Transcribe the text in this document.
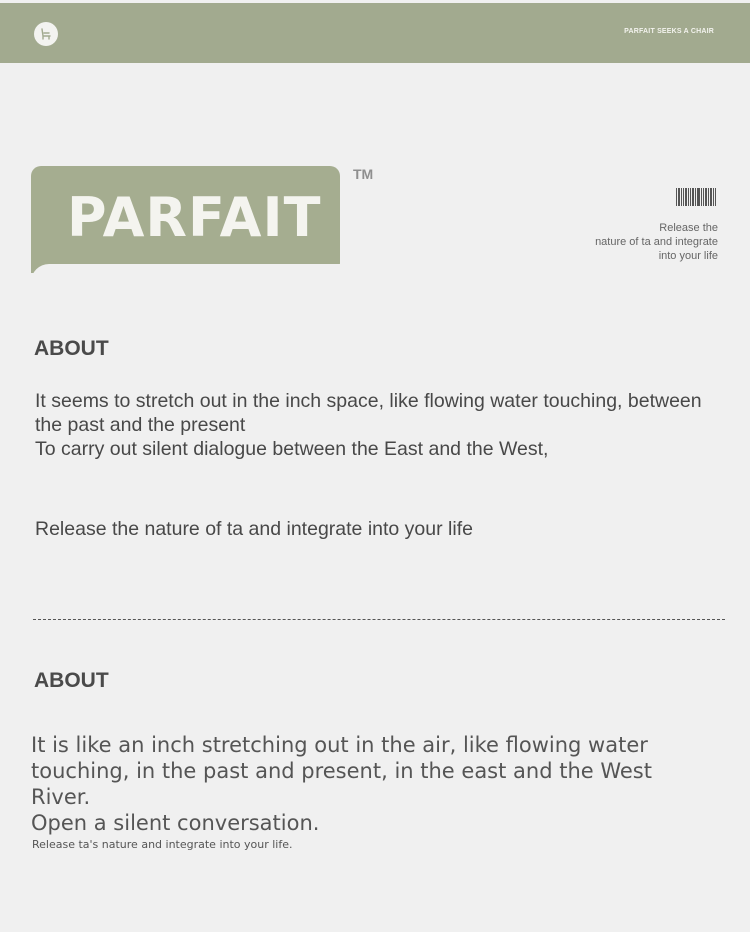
PARFAIT SEEKS A CHAIR
PARFAIT
TM
Release the
nature of ta and integrate
into your life
ABOUT
It seems to stretch out in the inch space, like flowing water touching, between
the past and the present
To carry out silent dialogue between the East and the West,
Release the nature of ta and integrate into your life
ABOUT
It is like an inch stretching out in the air, like flowing water
touching, in the past and present, in the east and the West River.
Open a silent conversation.
Release ta's nature and integrate into your life.
